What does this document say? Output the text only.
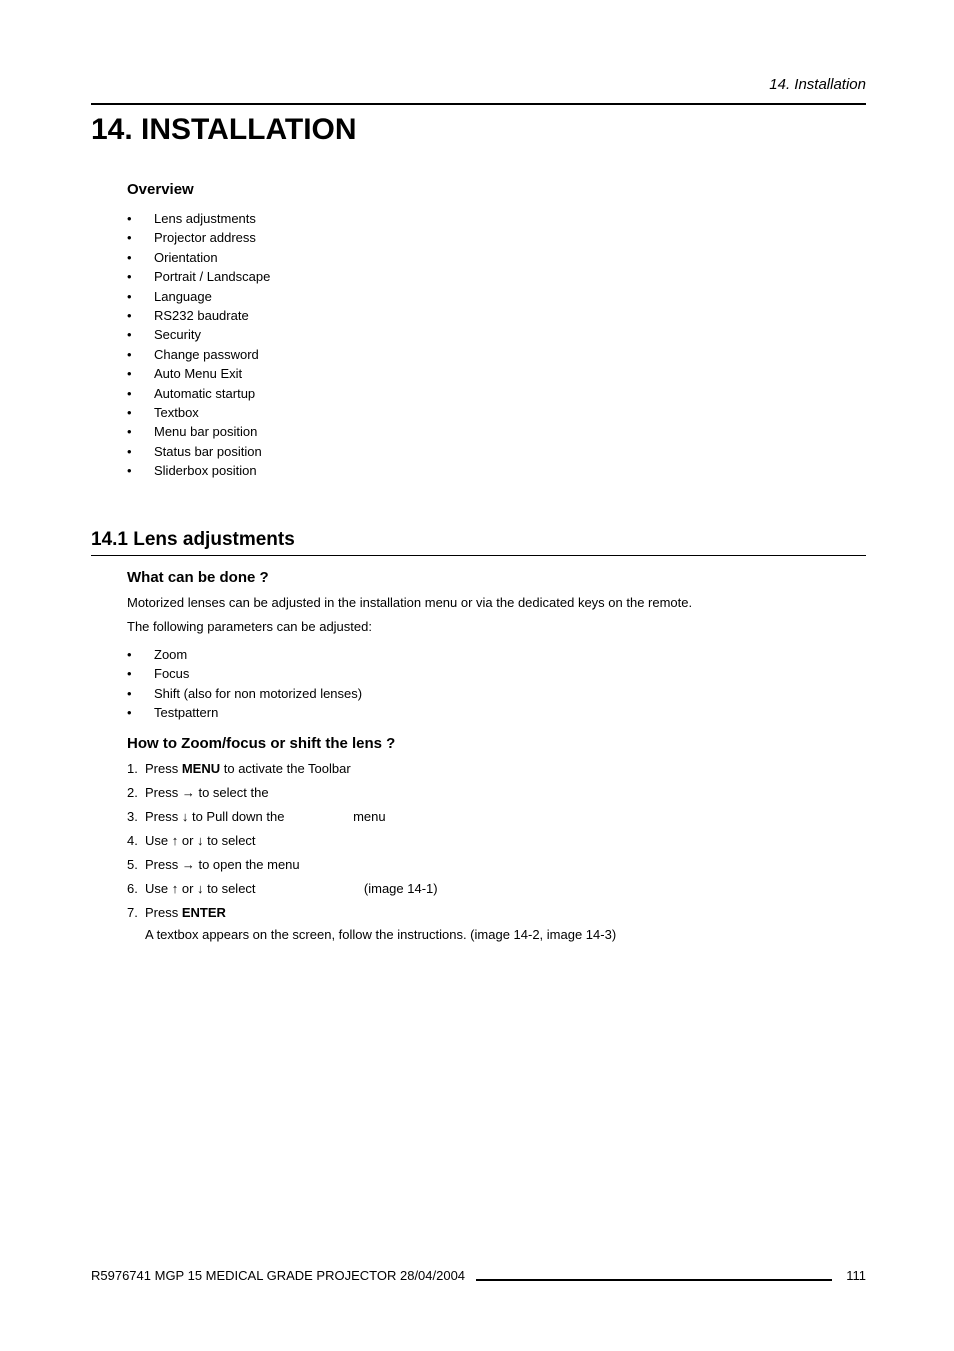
14. Installation
14. INSTALLATION
Overview
• Lens adjustments
• Projector address
• Orientation
• Portrait / Landscape
• Language
• RS232 baudrate
• Security
• Change password
• Auto Menu Exit
• Automatic startup
• Textbox
• Menu bar position
• Status bar position
• Sliderbox position
14.1 Lens adjustments
What can be done ?

Motorized lenses can be adjusted in the installation menu or via the dedicated keys on the remote.

The following parameters can be adjusted:

• Zoom
• Focus
• Shift (also for non motorized lenses)
• Testpattern
How to Zoom/focus or shift the lens ?
1. Press MENU to activate the Toolbar
2. Press → to select the
3. Press ↓ to Pull down the                   menu
4. Use ↑ or ↓ to select
5. Press → to open the menu
6. Use ↑ or ↓ to select                              (image 14-1)
7. Press ENTER
A textbox appears on the screen, follow the instructions. (image 14-2, image 14-3)
R5976741 MGP 15 MEDICAL GRADE PROJECTOR 28/04/2004	111
